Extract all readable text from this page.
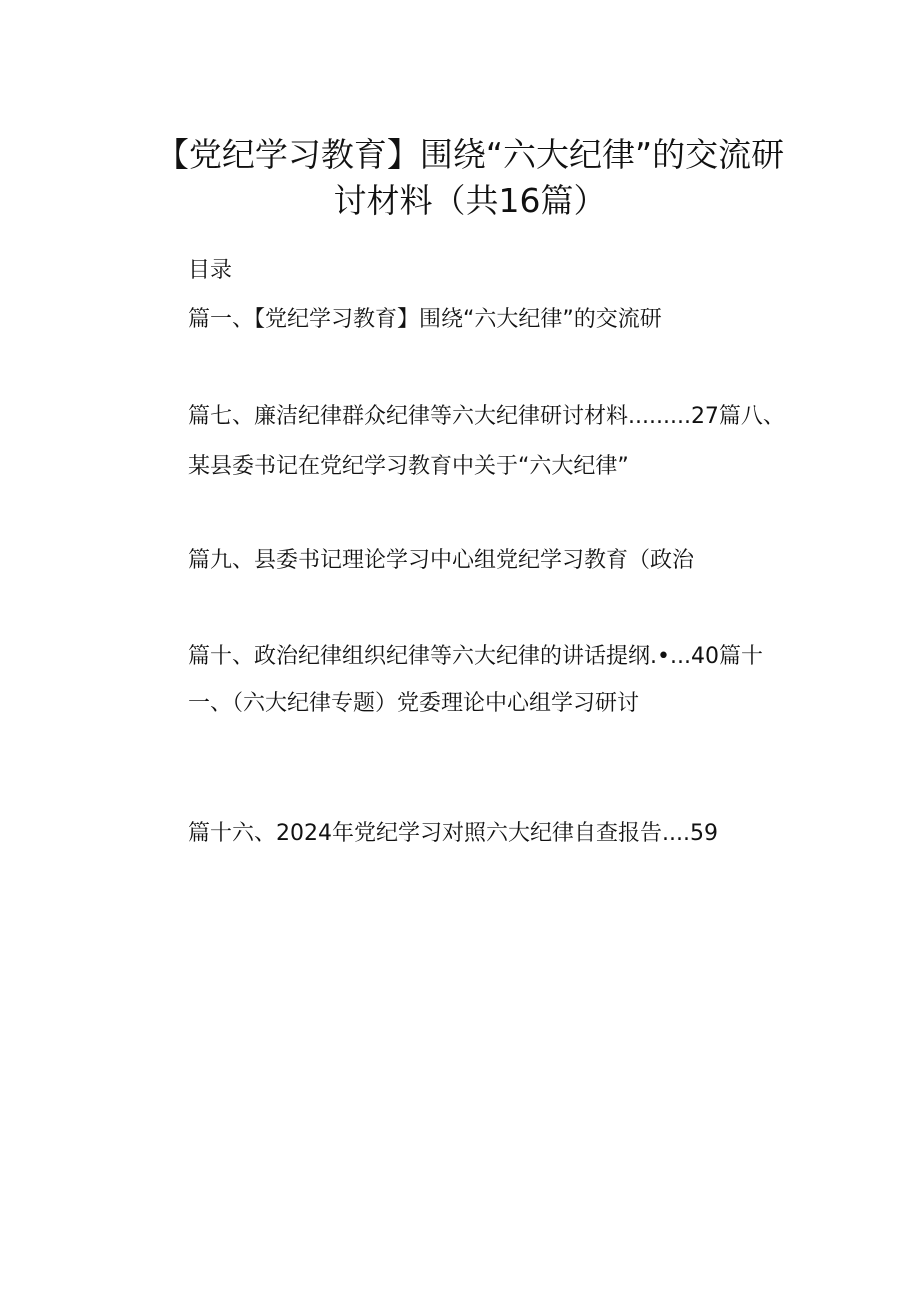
【党纪学习教育】围绕“六大纪律”的交流研
讨材料（共16篇）
目录
篇一、【党纪学习教育】围绕“六大纪律”的交流研
篇七、廉洁纪律群众纪律等六大纪律研讨材料.........27篇八、
某县委书记在党纪学习教育中关于“六大纪律”
篇九、县委书记理论学习中心组党纪学习教育（政治
篇十、政治纪律组织纪律等六大纪律的讲话提纲.•...40篇十
一、（六大纪律专题）党委理论中心组学习研讨
篇十六、2024年党纪学习对照六大纪律自查报告....59
